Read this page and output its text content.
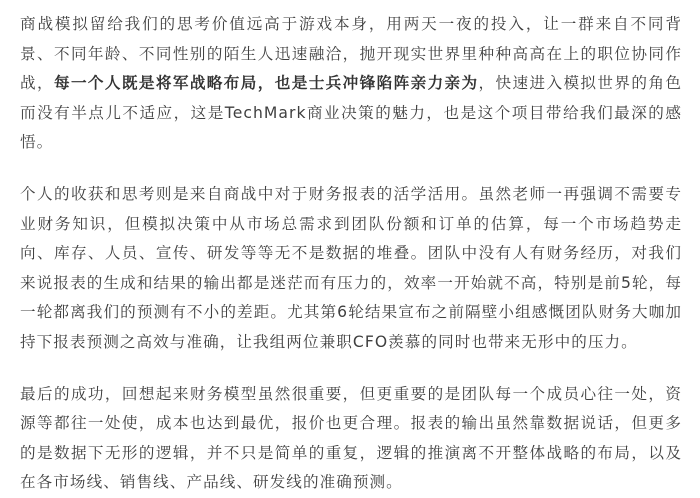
商战模拟留给我们的思考价值远高于游戏本身，用两天一夜的投入，让一群来自不同背景、不同年龄、不同性别的陌生人迅速融洽，抛开现实世界里种种高高在上的职位协同作战，每一个人既是将军战略布局，也是士兵冲锋陷阵亲力亲为，快速进入模拟世界的角色而没有半点儿不适应，这是TechMark商业决策的魅力，也是这个项目带给我们最深的感悟。

个人的收获和思考则是来自商战中对于财务报表的活学活用。虽然老师一再强调不需要专业财务知识，但模拟决策中从市场总需求到团队份额和订单的估算，每一个市场趋势走向、库存、人员、宣传、研发等等无不是数据的堆叠。团队中没有人有财务经历，对我们来说报表的生成和结果的输出都是迷茫而有压力的，效率一开始就不高，特别是前5轮，每一轮都离我们的预测有不小的差距。尤其第6轮结果宣布之前隔壁小组感慨团队财务大咖加持下报表预测之高效与准确，让我组两位兼职CFO羡慕的同时也带来无形中的压力。

最后的成功，回想起来财务模型虽然很重要，但更重要的是团队每一个成员心往一处，资源等都往一处使，成本也达到最优，报价也更合理。报表的输出虽然靠数据说话，但更多的是数据下无形的逻辑，并不只是简单的重复，逻辑的推演离不开整体战略的布局，以及在各市场线、销售线、产品线、研发线的准确预测。
